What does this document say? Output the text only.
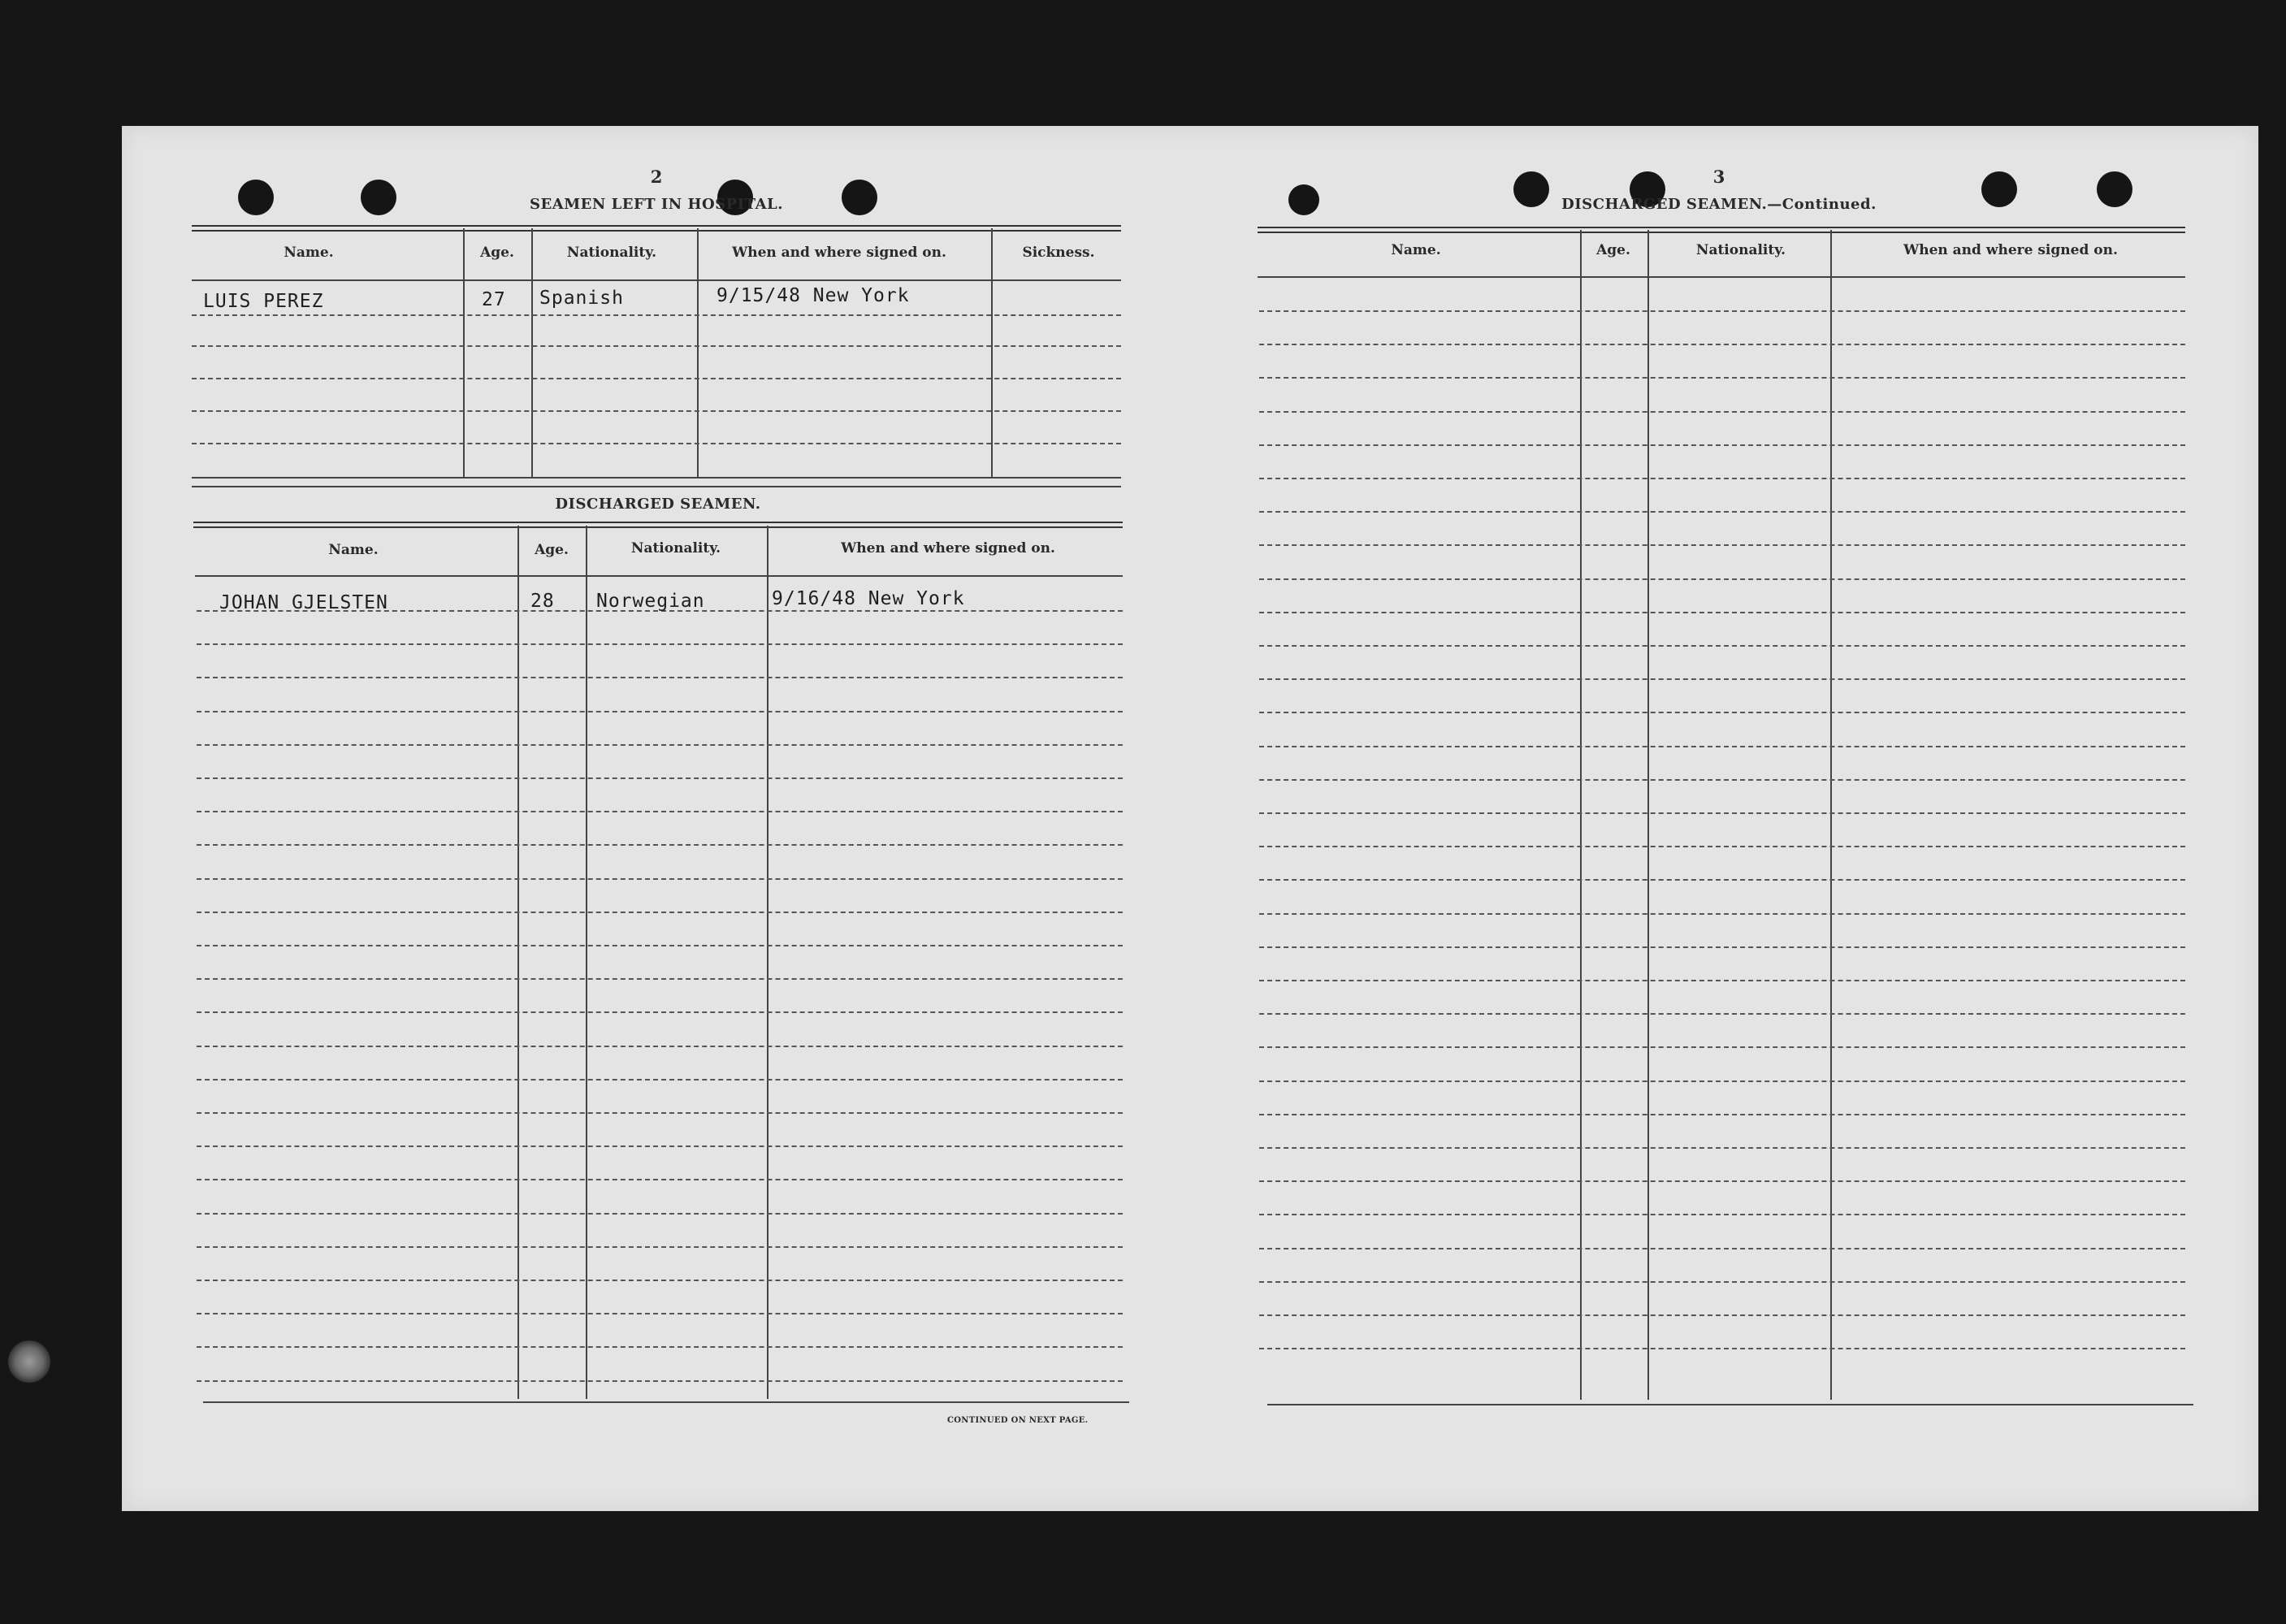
2
SEAMEN LEFT IN HOSPITAL.
Name.	Age.	Nationality.	When and where signed on.	Sickness.
LUIS PEREZ	27 Spanish	9/15/48 New York
DISCHARGED SEAMEN.
Name.	Age.	Nationality.	When and where signed on.
JOHAN GJELSTEN	28 Norwegian	9/16/48 New York
CONTINUED ON NEXT PAGE.
3
DISCHARGED SEAMEN.—Continued.
Name.	Age.	Nationality.	When and where signed on.
